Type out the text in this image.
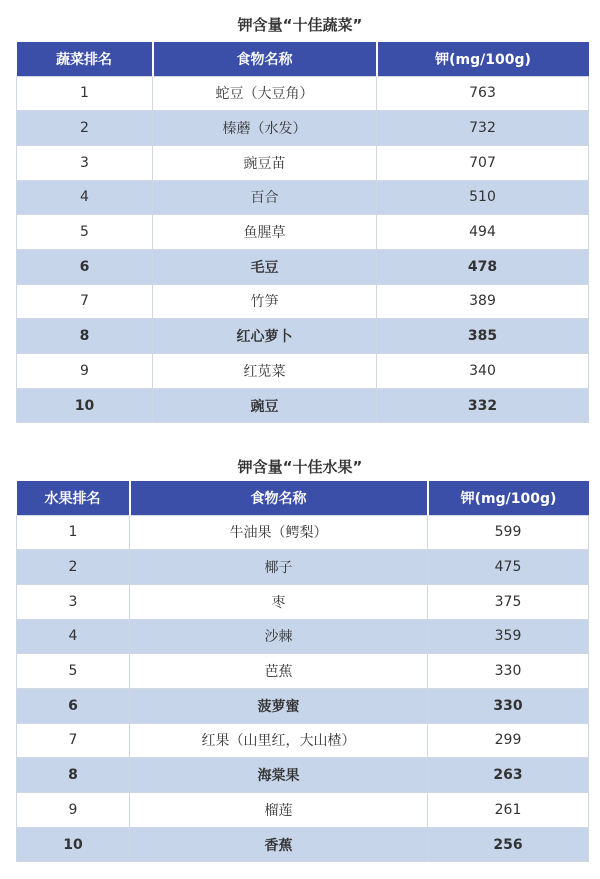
钾含量“十佳蔬菜”
蔬菜排名	食物名称	钾(mg/100g)
1	蛇豆（大豆角）	763
2	榛蘑（水发）	732
3	豌豆苗	707
4	百合	510
5	鱼腥草	494
6	毛豆	478
7	竹笋	389
8	红心萝卜	385
9	红苋菜	340
10	豌豆	332
钾含量“十佳水果”
水果排名	食物名称	钾(mg/100g)
1	牛油果（鳄梨）	599
2	椰子	475
3	枣	375
4	沙棘	359
5	芭蕉	330
6	菠萝蜜	330
7	红果（山里红，大山楂）	299
8	海棠果	263
9	榴莲	261
10	香蕉	256
